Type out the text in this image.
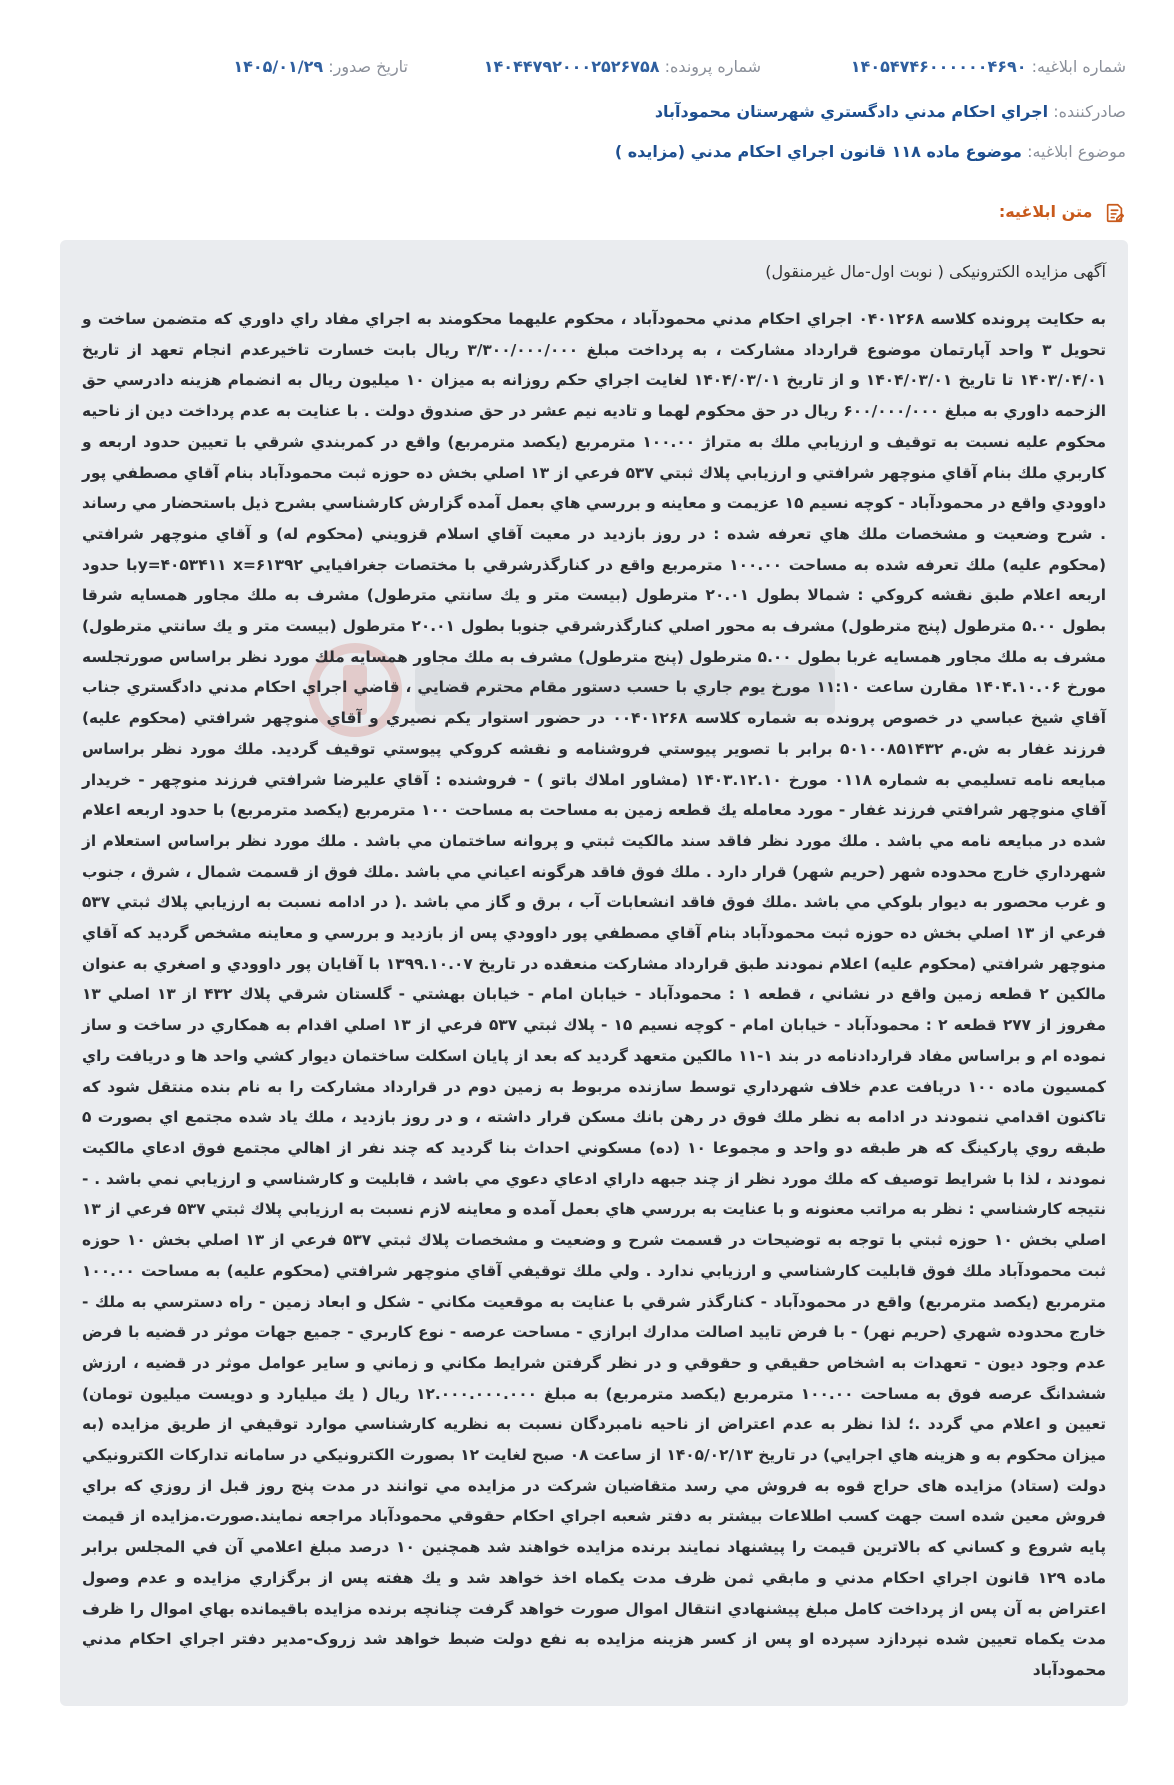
شماره ابلاغیه: ۱۴۰۵۴۷۴۶۰۰۰۰۰۰۴۶۹۰
شماره پرونده: ۱۴۰۴۴۷۹۲۰۰۰۲۵۲۶۷۵۸
تاریخ صدور: ۱۴۰۵/۰۱/۲۹
صادرکننده: اجراي احكام مدني دادگستري شهرستان محمودآباد
موضوع ابلاغیه: موضوع ماده ۱۱۸ قانون اجراي احكام مدني (مزايده )
متن ابلاغیه:
آگهی مزایده الکترونیکی ( نوبت اول-مال غیرمنقول)
به حكايت پرونده كلاسه ۰۴۰۱۲۶۸ اجراي احكام مدني محمودآباد ، محكوم عليهما محكومند به اجراي مفاد راي داوري كه متضمن ساخت و تحويل ۳ واحد آپارتمان موضوع قرارداد مشاركت ، به پرداخت مبلغ ۳/۳۰۰/۰۰۰/۰۰۰ ريال بابت خسارت تاخيرعدم انجام تعهد از تاريخ ۱۴۰۳/۰۴/۰۱ تا تاريخ ۱۴۰۴/۰۳/۰۱ و از تاريخ ۱۴۰۴/۰۳/۰۱ لغايت اجراي حكم روزانه به ميزان ۱۰ ميليون ريال به انضمام هزينه دادرسي حق الزحمه داوري به مبلغ ۶۰۰/۰۰۰/۰۰۰ ريال در حق محكوم لهما و تاديه نيم عشر در حق صندوق دولت . با عنايت به عدم پرداخت دين از ناحيه محكوم عليه نسبت به توقيف و ارزيابي ملك به متراژ ۱۰۰.۰۰ مترمربع (يكصد مترمربع) واقع در كمربندي شرقي با تعيين حدود اربعه و كاربري ملك بنام آقاي منوچهر شرافتي و ارزيابي پلاك ثبتي ۵۳۷ فرعي از ۱۳ اصلي بخش ده حوزه ثبت محمودآباد بنام آقاي مصطفي پور داوودي واقع در محمودآباد - كوچه نسيم ۱۵ عزيمت و معاينه و بررسي هاي بعمل آمده گزارش كارشناسي بشرح ذيل باستحضار مي رساند . شرح وضعيت و مشخصات ملك هاي تعرفه شده : در روز بازديد در معيت آقاي اسلام قزويني (محكوم له) و آقاي منوچهر شرافتي (محكوم عليه) ملك تعرفه شده به مساحت ۱۰۰.۰۰ مترمربع واقع در كنارگذرشرقي با مختصات جغرافيايي y=۴۰۵۳۴۱۱ x=۶۱۳۹۲با حدود اربعه اعلام طبق نقشه كروكي : شمالا بطول ۲۰.۰۱ مترطول (بيست متر و يك سانتي مترطول) مشرف به ملك مجاور همسايه شرقا بطول ۵.۰۰ مترطول (پنج مترطول) مشرف به محور اصلي كنارگذرشرقي جنوبا بطول ۲۰.۰۱ مترطول (بيست متر و يك سانتي مترطول) مشرف به ملك مجاور همسايه غربا بطول ۵.۰۰ مترطول (پنج مترطول) مشرف به ملك مجاور همسايه ملك مورد نظر براساس صورتجلسه مورخ ۱۴۰۴.۱۰.۰۶ مقارن ساعت ۱۱:۱۰ مورخ يوم جاري با حسب دستور مقام محترم قضايي ، قاضي اجراي احكام مدني دادگستري جناب آقاي شيخ عباسي در خصوص پرونده به شماره كلاسه ۰۰۴۰۱۲۶۸ در حضور استوار يكم نصيري و آقاي منوچهر شرافتي (محكوم عليه) فرزند غفار به ش.م ۵۰۱۰۰۸۵۱۴۳۲ برابر با تصوير پيوستي فروشنامه و نقشه كروكي پيوستي توقيف گرديد. ملك مورد نظر براساس مبايعه نامه تسليمي به شماره ۰۱۱۸ مورخ ۱۴۰۳.۱۲.۱۰ (مشاور املاك باتو ) - فروشنده : آقاي عليرضا شرافتي فرزند منوچهر - خريدار آقاي منوچهر شرافتي فرزند غفار - مورد معامله يك قطعه زمين به مساحت به مساحت ۱۰۰ مترمربع (يكصد مترمربع) با حدود اربعه اعلام شده در مبايعه نامه مي باشد . ملك مورد نظر فاقد سند مالكيت ثبتي و پروانه ساختمان مي باشد . ملك مورد نظر براساس استعلام از شهرداري خارج محدوده شهر (حريم شهر) قرار دارد . ملك فوق فاقد هرگونه اعياني مي باشد .ملك فوق از قسمت شمال ، شرق ، جنوب و غرب محصور به ديوار بلوكي مي باشد .ملك فوق فاقد انشعابات آب ، برق و گاز مي باشد .( در ادامه نسبت به ارزيابي پلاك ثبتي ۵۳۷ فرعي از ۱۳ اصلي بخش ده حوزه ثبت محمودآباد بنام آقاي مصطفي پور داوودي پس از بازديد و بررسي و معاينه مشخص گرديد كه آقاي منوچهر شرافتي (محكوم عليه) اعلام نمودند طبق قرارداد مشاركت منعقده در تاريخ ۱۳۹۹.۱۰.۰۷ با آقايان پور داوودي و اصغري به عنوان مالكين ۲ قطعه زمين واقع در نشاني ، قطعه ۱ : محمودآباد - خيابان امام - خيابان بهشتي - گلستان شرقي پلاك ۴۳۲ از ۱۳ اصلي ۱۳ مفروز از ۲۷۷ قطعه ۲ : محمودآباد - خيابان امام - كوچه نسيم ۱۵ - پلاك ثبتي ۵۳۷ فرعي از ۱۳ اصلي اقدام به همكاري در ساخت و ساز نموده ام و براساس مفاد قراردادنامه در بند ۱-۱۱ مالكين متعهد گرديد كه بعد از پايان اسكلت ساختمان ديوار كشي واحد ها و دريافت راي كمسيون ماده ۱۰۰ دريافت عدم خلاف شهرداري توسط سازنده مربوط به زمين دوم در قرارداد مشاركت را به نام بنده منتقل شود كه تاكنون اقدامي ننمودند در ادامه به نظر ملك فوق در رهن بانك مسكن قرار داشته ، و در روز بازديد ، ملك ياد شده مجتمع اي بصورت ۵ طبقه روي پاركينگ كه هر طبقه دو واحد و مجموعا ۱۰ (ده) مسكوني احداث بنا گرديد كه چند نفر از اهالي مجتمع فوق ادعاي مالكيت نمودند ، لذا با شرايط توصيف كه ملك مورد نظر از چند جبهه داراي ادعاي دعوي مي باشد ، قابليت و كارشناسي و ارزيابي نمي باشد . - نتيجه كارشناسي : نظر به مراتب معنونه و با عنايت به بررسي هاي بعمل آمده و معاينه لازم نسبت به ارزيابي پلاك ثبتي ۵۳۷ فرعي از ۱۳ اصلي بخش ۱۰ حوزه ثبتي با توجه به توضيحات در قسمت شرح و وضعيت و مشخصات پلاك ثبتي ۵۳۷ فرعي از ۱۳ اصلي بخش ۱۰ حوزه ثبت محمودآباد ملك فوق قابليت كارشناسي و ارزيابي ندارد . ولي ملك توقيفي آقاي منوچهر شرافتي (محكوم عليه) به مساحت ۱۰۰.۰۰ مترمربع (يكصد مترمربع) واقع در محمودآباد - كنارگذر شرقي با عنايت به موقعيت مكاني - شكل و ابعاد زمين - راه دسترسي به ملك - خارج محدوده شهري (حريم نهر) - با فرض تاييد اصالت مدارك ابرازي - مساحت عرصه - نوع كاربري - جميع جهات موثر در قضيه با فرض عدم وجود ديون - تعهدات به اشخاص حقيقي و حقوقي و در نظر گرفتن شرايط مكاني و زماني و ساير عوامل موثر در قضيه ، ارزش ششدانگ عرصه فوق به مساحت ۱۰۰.۰۰ مترمربع (يكصد مترمربع) به مبلغ ۱۲.۰۰۰.۰۰۰.۰۰۰ ريال ( يك ميليارد و دويست ميليون تومان) تعيين و اعلام مي گردد .؛ لذا نظر به عدم اعتراض از ناحيه نامبردگان نسبت به نظريه كارشناسي موارد توقيفي از طريق مزايده (به ميزان محكوم به و هزينه هاي اجرايي) در تاريخ ۱۴۰۵/۰۲/۱۳ از ساعت ۰۸ صبح لغايت ۱۲ بصورت الكترونيكي در سامانه تداركات الكترونيكي دولت (ستاد) مزايده های حراج قوه به فروش مي رسد متقاضيان شركت در مزايده مي توانند در مدت پنج روز قبل از روزي كه براي فروش معين شده است جهت كسب اطلاعات بيشتر به دفتر شعبه اجراي احكام حقوقي محمودآباد مراجعه نمايند.صورت.مزايده از قيمت پايه شروع و كساني كه بالاترين قيمت را پيشنهاد نمايند برنده مزايده خواهند شد همچنين ۱۰ درصد مبلغ اعلامي آن في المجلس برابر ماده ۱۲۹ قانون اجراي احكام مدني و مابقي ثمن ظرف مدت يكماه اخذ خواهد شد و يك هفته پس از برگزاري مزايده و عدم وصول اعتراض به آن پس از پرداخت كامل مبلغ پيشنهادي انتقال اموال صورت خواهد گرفت چنانچه برنده مزايده باقيمانده بهاي اموال را ظرف مدت يكماه تعيين شده نپردازد سپرده او پس از كسر هزينه مزايده به نفع دولت ضبط خواهد شد زروک-مدير دفتر اجراي احكام مدني محمودآباد
